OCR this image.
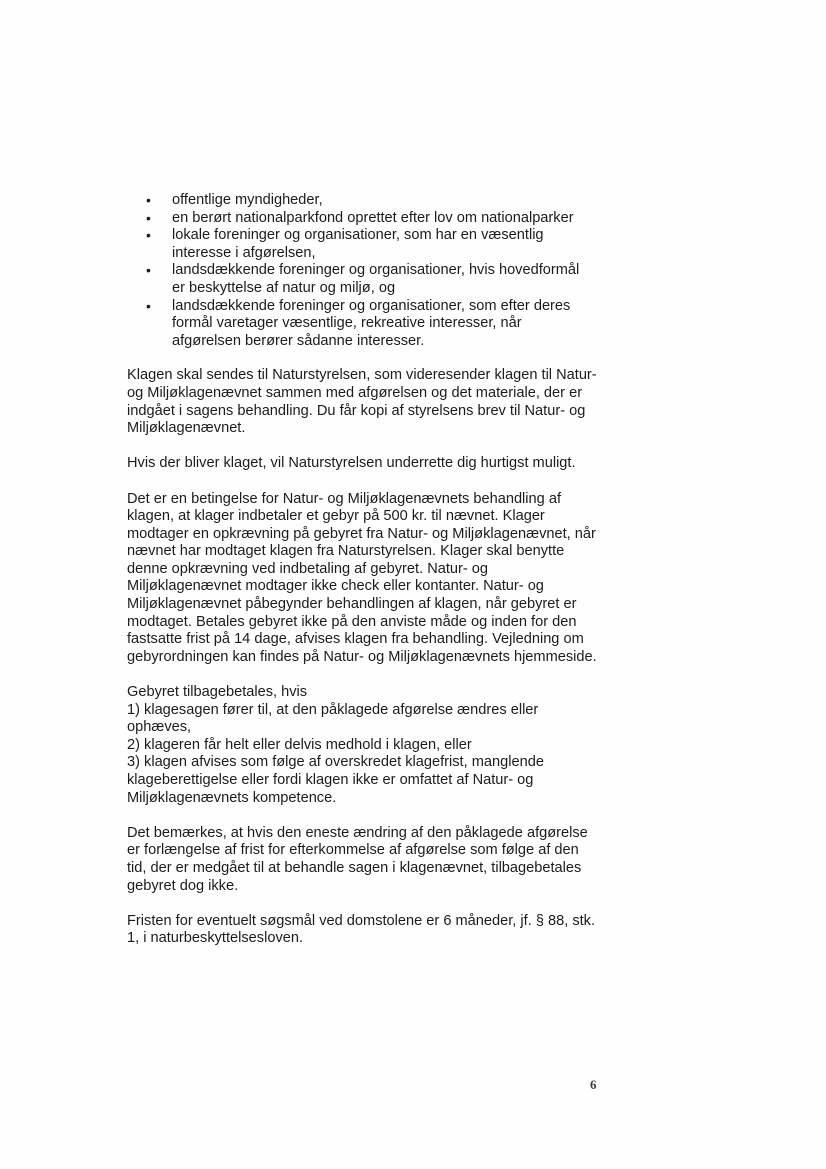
• offentlige myndigheder,
• en berørt nationalparkfond oprettet efter lov om nationalparker
• lokale foreninger og organisationer, som har en væsentlig interesse i afgørelsen,
• landsdækkende foreninger og organisationer, hvis hovedformål er beskyttelse af natur og miljø, og
• landsdækkende foreninger og organisationer, som efter deres formål varetager væsentlige, rekreative interesser, når afgørelsen berører sådanne interesser.

Klagen skal sendes til Naturstyrelsen, som videresender klagen til Natur- og Miljøklagenævnet sammen med afgørelsen og det materiale, der er indgået i sagens behandling. Du får kopi af styrelsens brev til Natur- og Miljøklagenævnet.

Hvis der bliver klaget, vil Naturstyrelsen underrette dig hurtigst muligt.

Det er en betingelse for Natur- og Miljøklagenævnets behandling af klagen, at klager indbetaler et gebyr på 500 kr. til nævnet. Klager modtager en opkrævning på gebyret fra Natur- og Miljøklagenævnet, når nævnet har modtaget klagen fra Naturstyrelsen. Klager skal benytte denne opkrævning ved indbetaling af gebyret. Natur- og Miljøklagenævnet modtager ikke check eller kontanter. Natur- og Miljøklagenævnet påbegynder behandlingen af klagen, når gebyret er modtaget. Betales gebyret ikke på den anviste måde og inden for den fastsatte frist på 14 dage, afvises klagen fra behandling. Vejledning om gebyrordningen kan findes på Natur- og Miljøklagenævnets hjemmeside.

Gebyret tilbagebetales, hvis
1) klagesagen fører til, at den påklagede afgørelse ændres eller ophæves,
2) klageren får helt eller delvis medhold i klagen, eller
3) klagen afvises som følge af overskredet klagefrist, manglende klageberettigelse eller fordi klagen ikke er omfattet af Natur- og Miljøklagenævnets kompetence.

Det bemærkes, at hvis den eneste ændring af den påklagede afgørelse er forlængelse af frist for efterkommelse af afgørelse som følge af den tid, der er medgået til at behandle sagen i klagenævnet, tilbagebetales gebyret dog ikke.

Fristen for eventuelt søgsmål ved domstolene er 6 måneder, jf. § 88, stk. 1, i naturbeskyttelsesloven.

6
